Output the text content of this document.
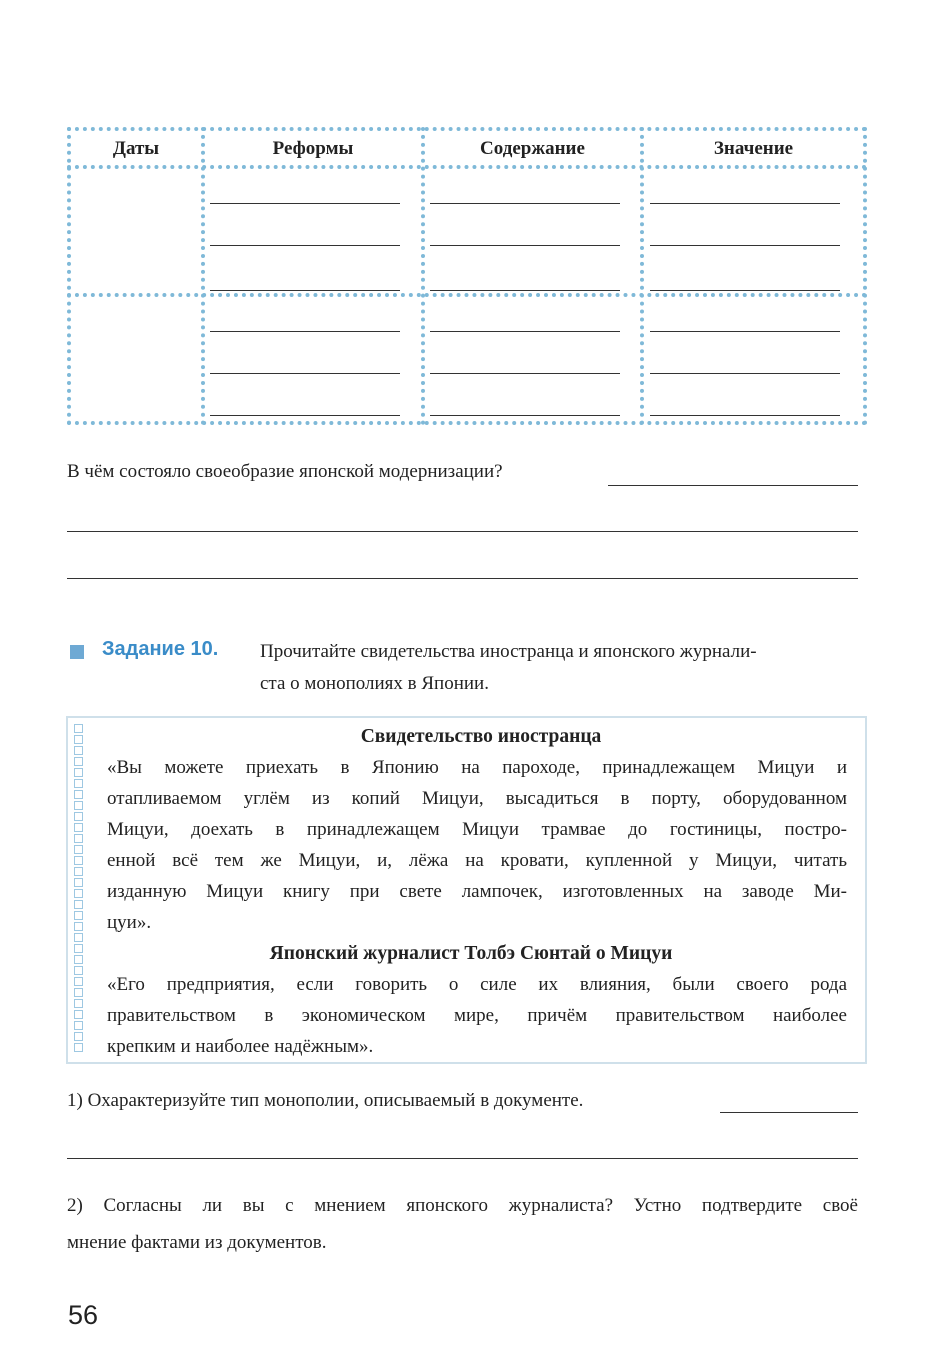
Даты	Реформы	Содержание	Значение
В чём состояло своеобразие японской модернизации?
Задание 10. Прочитайте свидетельства иностранца и японского журнали-
ста о монополиях в Японии.
Свидетельство иностранца
«Вы можете приехать в Японию на пароходе, принадлежащем Мицуи и
отапливаемом углём из копий Мицуи, высадиться в порту, оборудованном
Мицуи, доехать в принадлежащем Мицуи трамвае до гостиницы, постро-
енной всё тем же Мицуи, и, лёжа на кровати, купленной у Мицуи, читать
изданную Мицуи книгу при свете лампочек, изготовленных на заводе Ми-
цуи».
Японский журналист Толбэ Сюнтай о Мицуи
«Его предприятия, если говорить о силе их влияния, были своего рода
правительством в экономическом мире, причём правительством наиболее
крепким и наиболее надёжным».
1) Охарактеризуйте тип монополии, описываемый в документе.
2) Согласны ли вы с мнением японского журналиста? Устно подтвердите своё
мнение фактами из документов.
56
